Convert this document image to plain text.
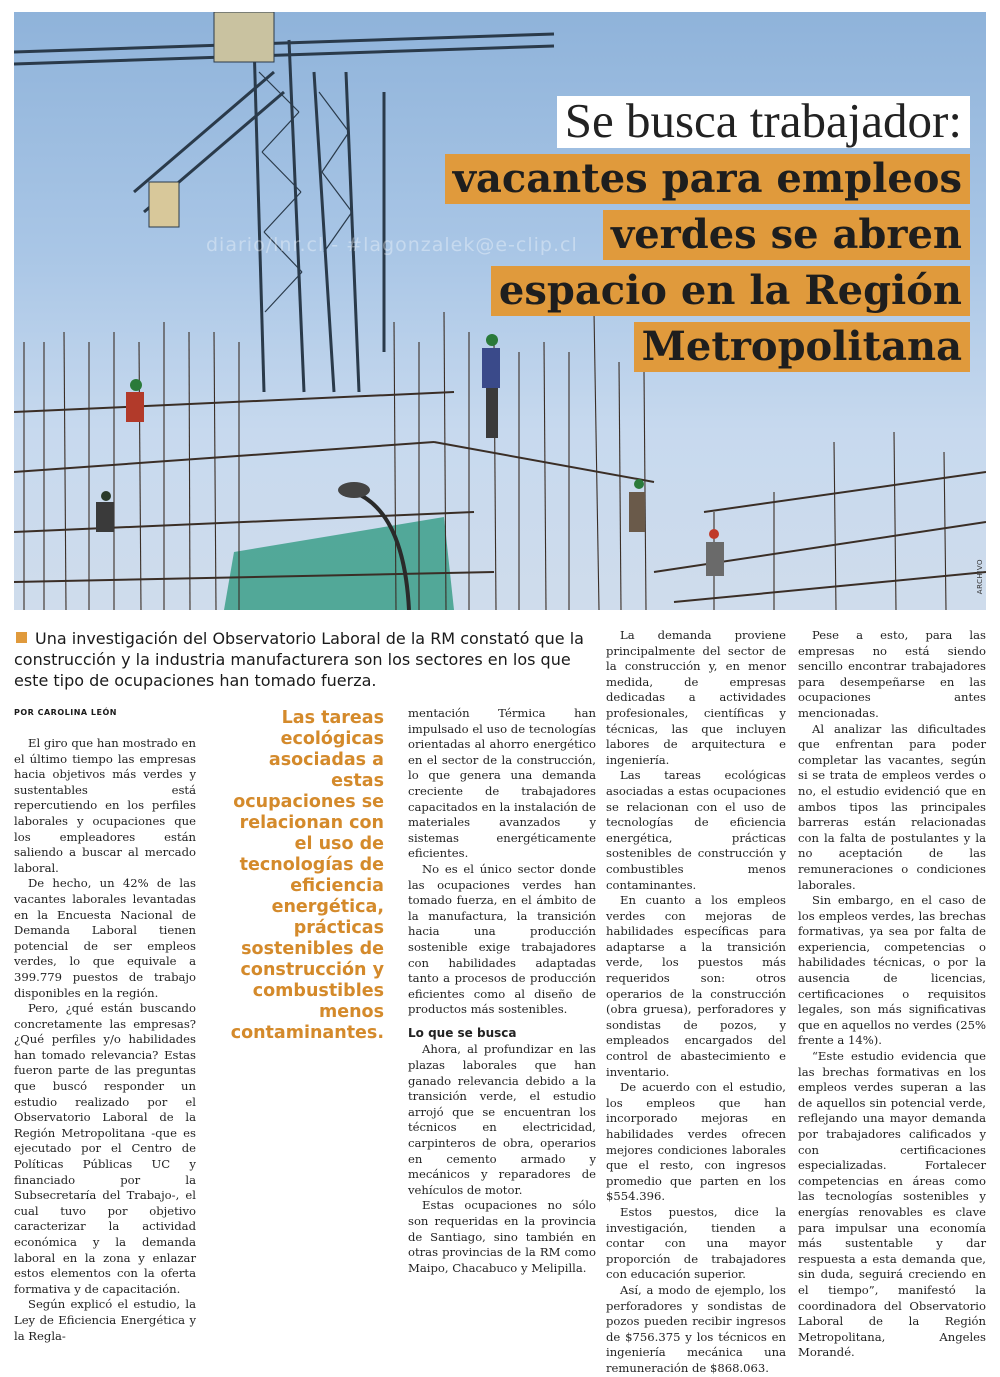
diario/lnr.cl - #lagonzalek@e-clip.cl
ARCHIVO
Se busca trabajador:
vacantes para empleos
verdes se abren
espacio en la Región
Metropolitana
Una investigación del Observatorio Laboral de la RM constató que la construcción y la industria manufacturera son los sectores en los que este tipo de ocupaciones han tomado fuerza.
POR CAROLINA LEÓN

El giro que han mostrado en el último tiempo las empresas hacia objetivos más verdes y sustentables está repercutiendo en los perfiles laborales y ocupaciones que los empleadores están saliendo a buscar al mercado laboral.

De hecho, un 42% de las vacantes laborales levantadas en la Encuesta Nacional de Demanda Laboral tienen potencial de ser empleos verdes, lo que equivale a 399.779 puestos de trabajo disponibles en la región.

Pero, ¿qué están buscando concretamente las empresas? ¿Qué perfiles y/o habilidades han tomado relevancia? Estas fueron parte de las preguntas que buscó responder un estudio realizado por el Observatorio Laboral de la Región Metropolitana -que es ejecutado por el Centro de Políticas Públicas UC y financiado por la Subsecretaría del Trabajo-, el cual tuvo por objetivo caracterizar la actividad económica y la demanda laboral en la zona y enlazar estos elementos con la oferta formativa y de capacitación.

Según explicó el estudio, la Ley de Eficiencia Energética y la Regla-

Las tareas ecológicas asociadas a estas ocupaciones se relacionan con el uso de tecnologías de eficiencia energética, prácticas sostenibles de construcción y combustibles menos contaminantes.

mentación Térmica han impulsado el uso de tecnologías orientadas al ahorro energético en el sector de la construcción, lo que genera una demanda creciente de trabajadores capacitados en la instalación de materiales avanzados y sistemas energéticamente eficientes.

No es el único sector donde las ocupaciones verdes han tomado fuerza, en el ámbito de la manufactura, la transición hacia una producción sostenible exige trabajadores con habilidades adaptadas tanto a procesos de producción eficientes como al diseño de productos más sostenibles.

Lo que se busca

Ahora, al profundizar en las plazas laborales que han ganado relevancia debido a la transición verde, el estudio arrojó que se encuentran los técnicos en electricidad, carpinteros de obra, operarios en cemento armado y mecánicos y reparadores de vehículos de motor.

Estas ocupaciones no sólo son requeridas en la provincia de Santiago, sino también en otras provincias de la RM como Maipo, Chacabuco y Melipilla.

La demanda proviene principalmente del sector de la construcción y, en menor medida, de empresas dedicadas a actividades profesionales, científicas y técnicas, las que incluyen labores de arquitectura e ingeniería.

Las tareas ecológicas asociadas a estas ocupaciones se relacionan con el uso de tecnologías de eficiencia energética, prácticas sostenibles de construcción y combustibles menos contaminantes.

En cuanto a los empleos verdes con mejoras de habilidades específicas para adaptarse a la transición verde, los puestos más requeridos son: otros operarios de la construcción (obra gruesa), perforadores y sondistas de pozos, y empleados encargados del control de abastecimiento e inventario.

De acuerdo con el estudio, los empleos que han incorporado mejoras en habilidades verdes ofrecen mejores condiciones laborales que el resto, con ingresos promedio que parten en los $554.396.

Estos puestos, dice la investigación, tienden a contar con una mayor proporción de trabajadores con educación superior.

Así, a modo de ejemplo, los perforadores y sondistas de pozos pueden recibir ingresos de $756.375 y los técnicos en ingeniería mecánica una remuneración de $868.063.

Pese a esto, para las empresas no está siendo sencillo encontrar trabajadores para desempeñarse en las ocupaciones antes mencionadas.

Al analizar las dificultades que enfrentan para poder completar las vacantes, según si se trata de empleos verdes o no, el estudio evidenció que en ambos tipos las principales barreras están relacionadas con la falta de postulantes y la no aceptación de las remuneraciones o condiciones laborales.

Sin embargo, en el caso de los empleos verdes, las brechas formativas, ya sea por falta de experiencia, competencias o habilidades técnicas, o por la ausencia de licencias, certificaciones o requisitos legales, son más significativas que en aquellos no verdes (25% frente a 14%).

“Este estudio evidencia que las brechas formativas en los empleos verdes superan a las de aquellos sin potencial verde, reflejando una mayor demanda por trabajadores calificados y con certificaciones especializadas. Fortalecer competencias en áreas como las tecnologías sostenibles y energías renovables es clave para impulsar una economía más sustentable y dar respuesta a esta demanda que, sin duda, seguirá creciendo en el tiempo”, manifestó la coordinadora del Observatorio Laboral de la Región Metropolitana, Angeles Morandé.
